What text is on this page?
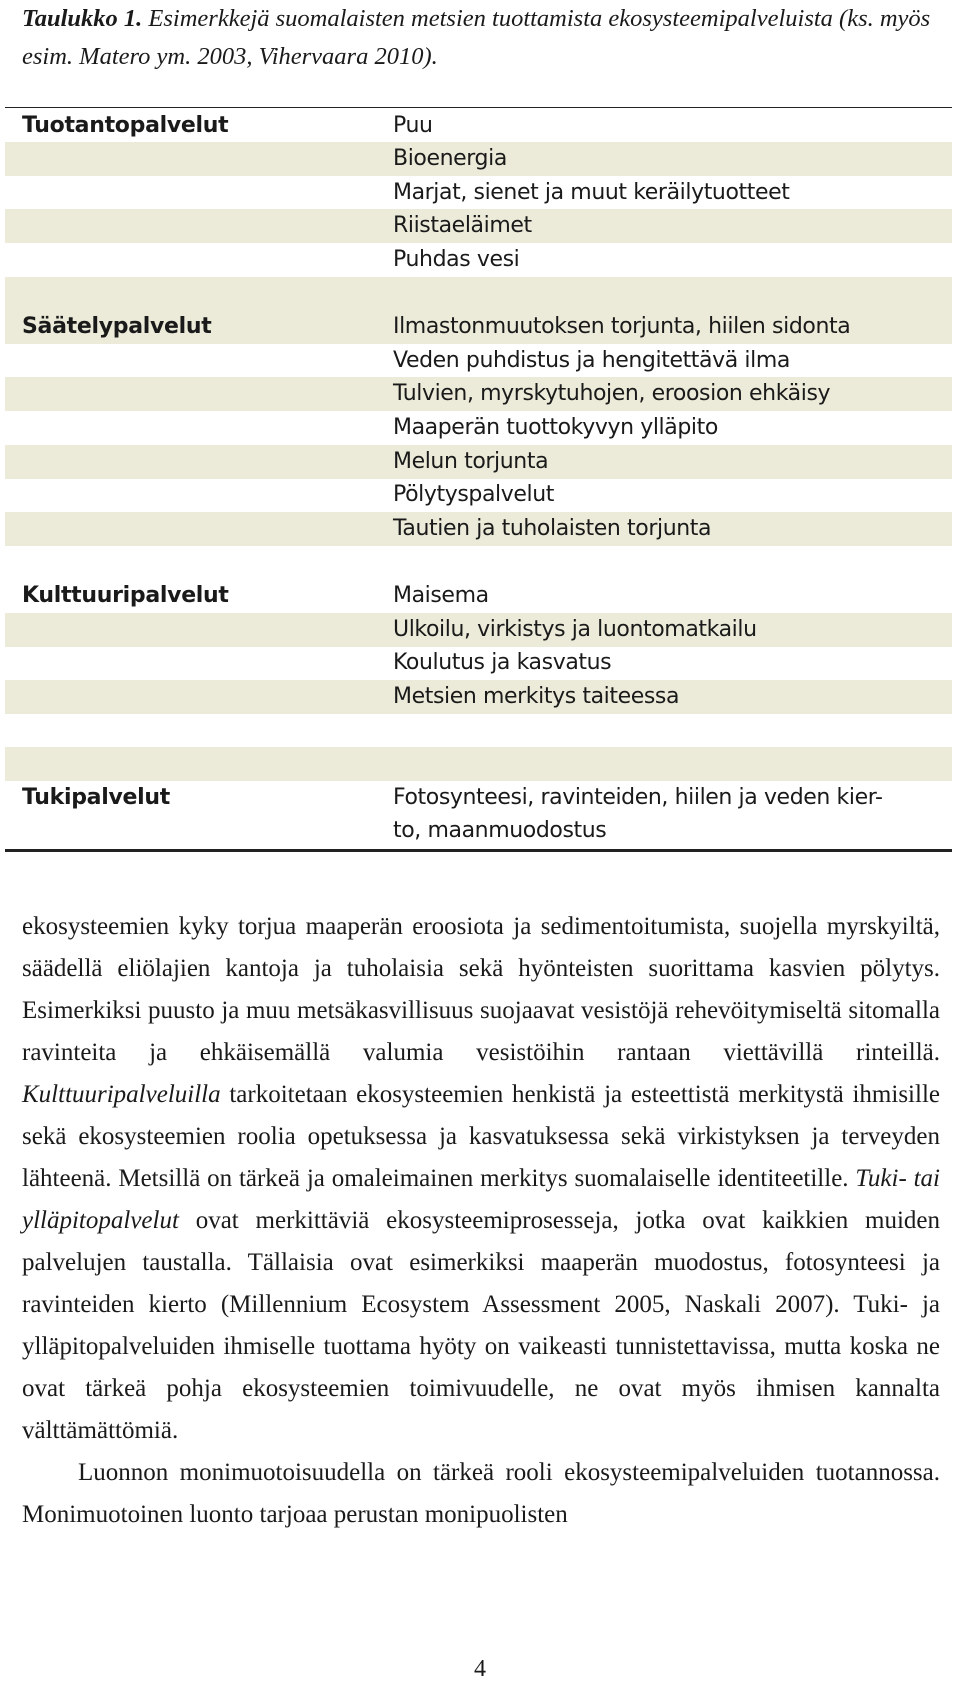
Taulukko 1. Esimerkkejä suomalaisten metsien tuottamista ekosysteemipalveluista (ks. myös esim. Matero ym. 2003, Vihervaara 2010).
Tuotantopalvelut	Puu
Bioenergia
Marjat, sienet ja muut keräilytuotteet
Riistaeläimet
Puhdas vesi
Säätelypalvelut	Ilmastonmuutoksen torjunta, hiilen sidonta
Veden puhdistus ja hengitettävä ilma
Tulvien, myrskytuhojen, eroosion ehkäisy
Maaperän tuottokyvyn ylläpito
Melun torjunta
Pölytyspalvelut
Tautien ja tuholaisten torjunta
Kulttuuripalvelut	Maisema
Ulkoilu, virkistys ja luontomatkailu
Koulutus ja kasvatus
Metsien merkitys taiteessa
Tukipalvelut	Fotosynteesi, ravinteiden, hiilen ja veden kier-
to, maanmuodostus

ekosysteemien kyky torjua maaperän eroosiota ja sedimentoitumista, suojella myrskyiltä, säädellä eliölajien kantoja ja tuholaisia sekä hyönteisten suorittama kasvien pölytys. Esimerkiksi puusto ja muu metsäkasvillisuus suojaavat vesistöjä rehevöitymiseltä sitomalla ravinteita ja ehkäisemällä valumia vesistöihin rantaan viettävillä rinteillä. Kulttuuripalveluilla tarkoitetaan ekosysteemien henkistä ja esteettistä merkitystä ihmisille sekä ekosysteemien roolia opetuksessa ja kasvatuksessa sekä virkistyksen ja terveyden lähteenä. Metsillä on tärkeä ja omaleimainen merkitys suomalaiselle identiteetille. Tuki- tai ylläpitopalvelut ovat merkittäviä ekosysteemiprosesseja, jotka ovat kaikkien muiden palvelujen taustalla. Tällaisia ovat esimerkiksi maaperän muodostus, fotosynteesi ja ravinteiden kierto (Millennium Ecosystem Assessment 2005, Naskali 2007). Tuki- ja ylläpitopalveluiden ihmiselle tuottama hyöty on vaikeasti tunnistettavissa, mutta koska ne ovat tärkeä pohja ekosysteemien toimivuudelle, ne ovat myös ihmisen kannalta välttämättömiä.

Luonnon monimuotoisuudella on tärkeä rooli ekosysteemipalveluiden tuotannossa. Monimuotoinen luonto tarjoaa perustan monipuolisten

4
